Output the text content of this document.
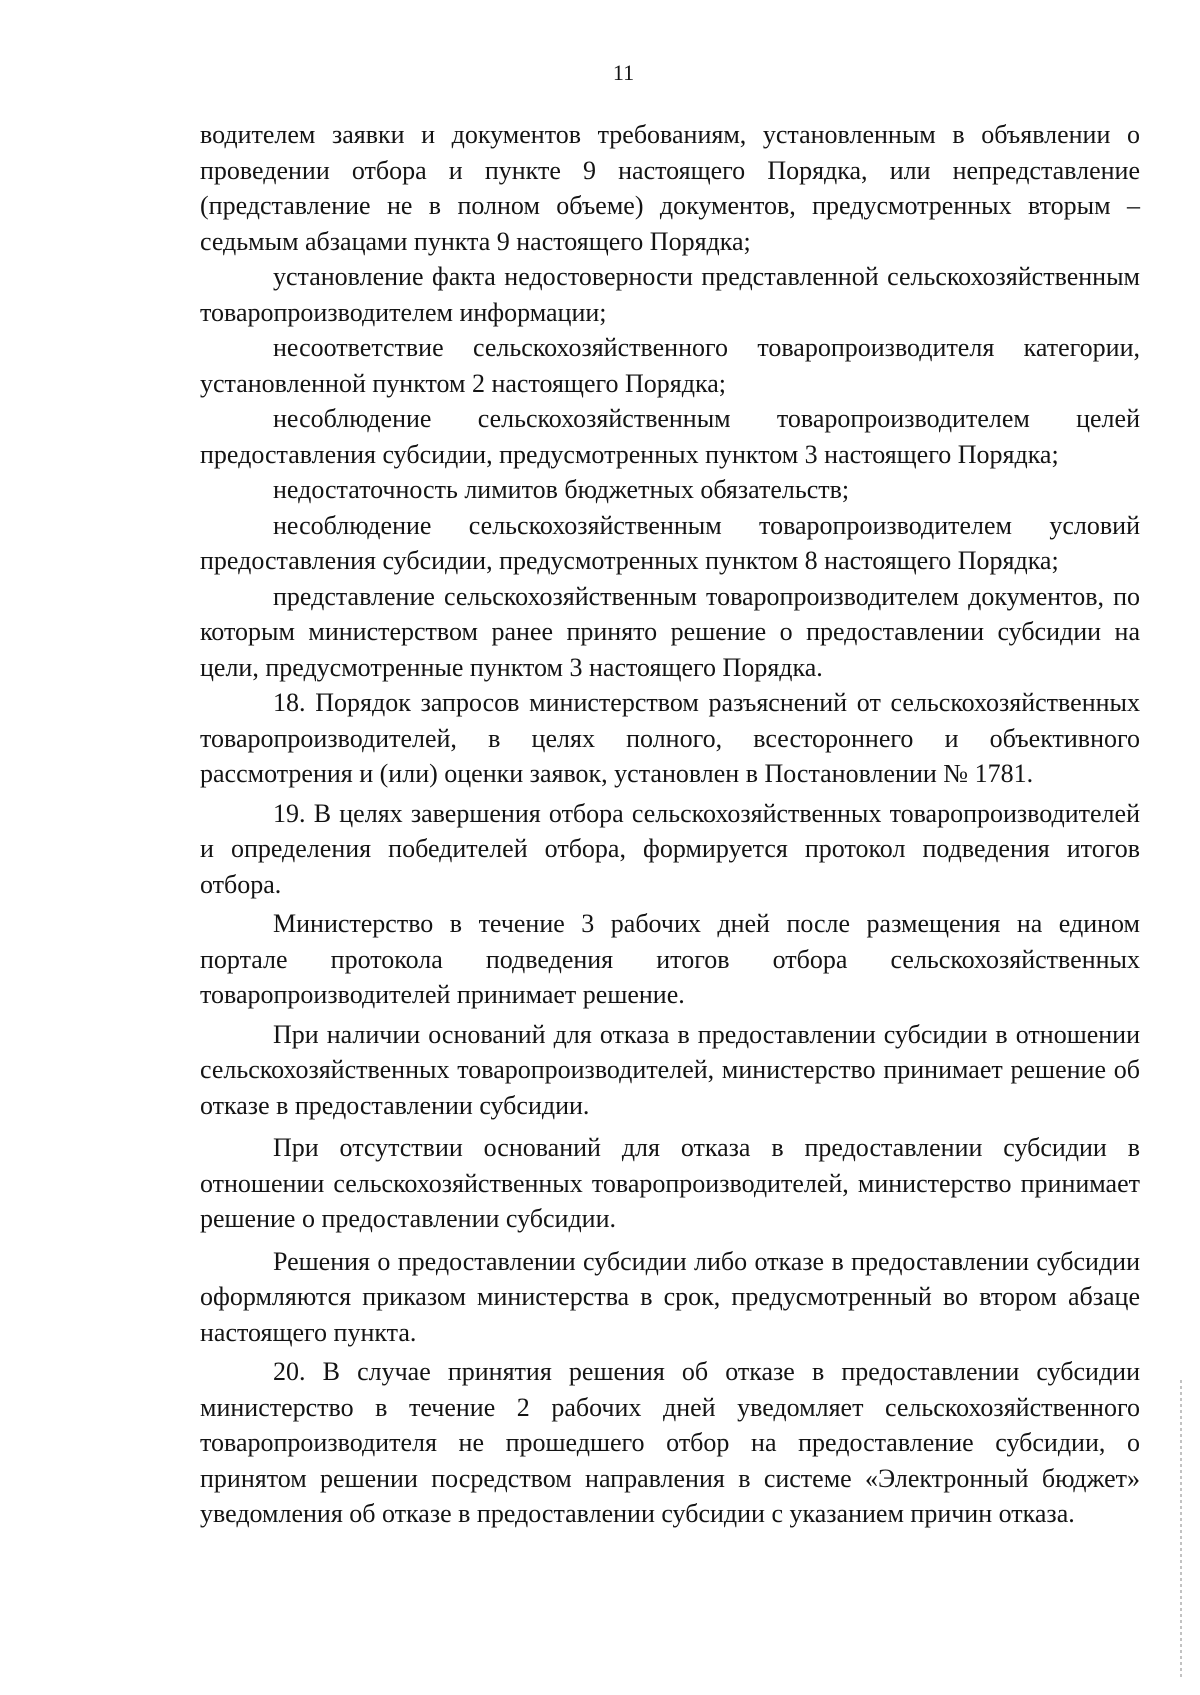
11

водителем заявки и документов требованиям, установленным в объявлении о проведении отбора и пункте 9 настоящего Порядка, или непредставление (представление не в полном объеме) документов, предусмотренных вторым – седьмым абзацами пункта 9 настоящего Порядка;

установление факта недостоверности представленной сельскохозяйственным товаропроизводителем информации;

несоответствие сельскохозяйственного товаропроизводителя категории, установленной пунктом 2 настоящего Порядка;

несоблюдение сельскохозяйственным товаропроизводителем целей предоставления субсидии, предусмотренных пунктом 3 настоящего Порядка;

недостаточность лимитов бюджетных обязательств;

несоблюдение сельскохозяйственным товаропроизводителем условий предоставления субсидии, предусмотренных пунктом 8 настоящего Порядка;

представление сельскохозяйственным товаропроизводителем документов, по которым министерством ранее принято решение о предоставлении субсидии на цели, предусмотренные пунктом 3 настоящего Порядка.

18. Порядок запросов министерством разъяснений от сельскохозяйственных товаропроизводителей, в целях полного, всестороннего и объективного рассмотрения и (или) оценки заявок, установлен в Постановлении № 1781.

19. В целях завершения отбора сельскохозяйственных товаропроизводителей и определения победителей отбора, формируется протокол подведения итогов отбора.

Министерство в течение 3 рабочих дней после размещения на едином портале протокола подведения итогов отбора сельскохозяйственных товаропроизводителей принимает решение.

При наличии оснований для отказа в предоставлении субсидии в отношении сельскохозяйственных товаропроизводителей, министерство принимает решение об отказе в предоставлении субсидии.

При отсутствии оснований для отказа в предоставлении субсидии в отношении сельскохозяйственных товаропроизводителей, министерство принимает решение о предоставлении субсидии.

Решения о предоставлении субсидии либо отказе в предоставлении субсидии оформляются приказом министерства в срок, предусмотренный во втором абзаце настоящего пункта.

20. В случае принятия решения об отказе в предоставлении субсидии министерство в течение 2 рабочих дней уведомляет сельскохозяйственного товаропроизводителя не прошедшего отбор на предоставление субсидии, о принятом решении посредством направления в системе «Электронный бюджет» уведомления об отказе в предоставлении субсидии с указанием причин отказа.
